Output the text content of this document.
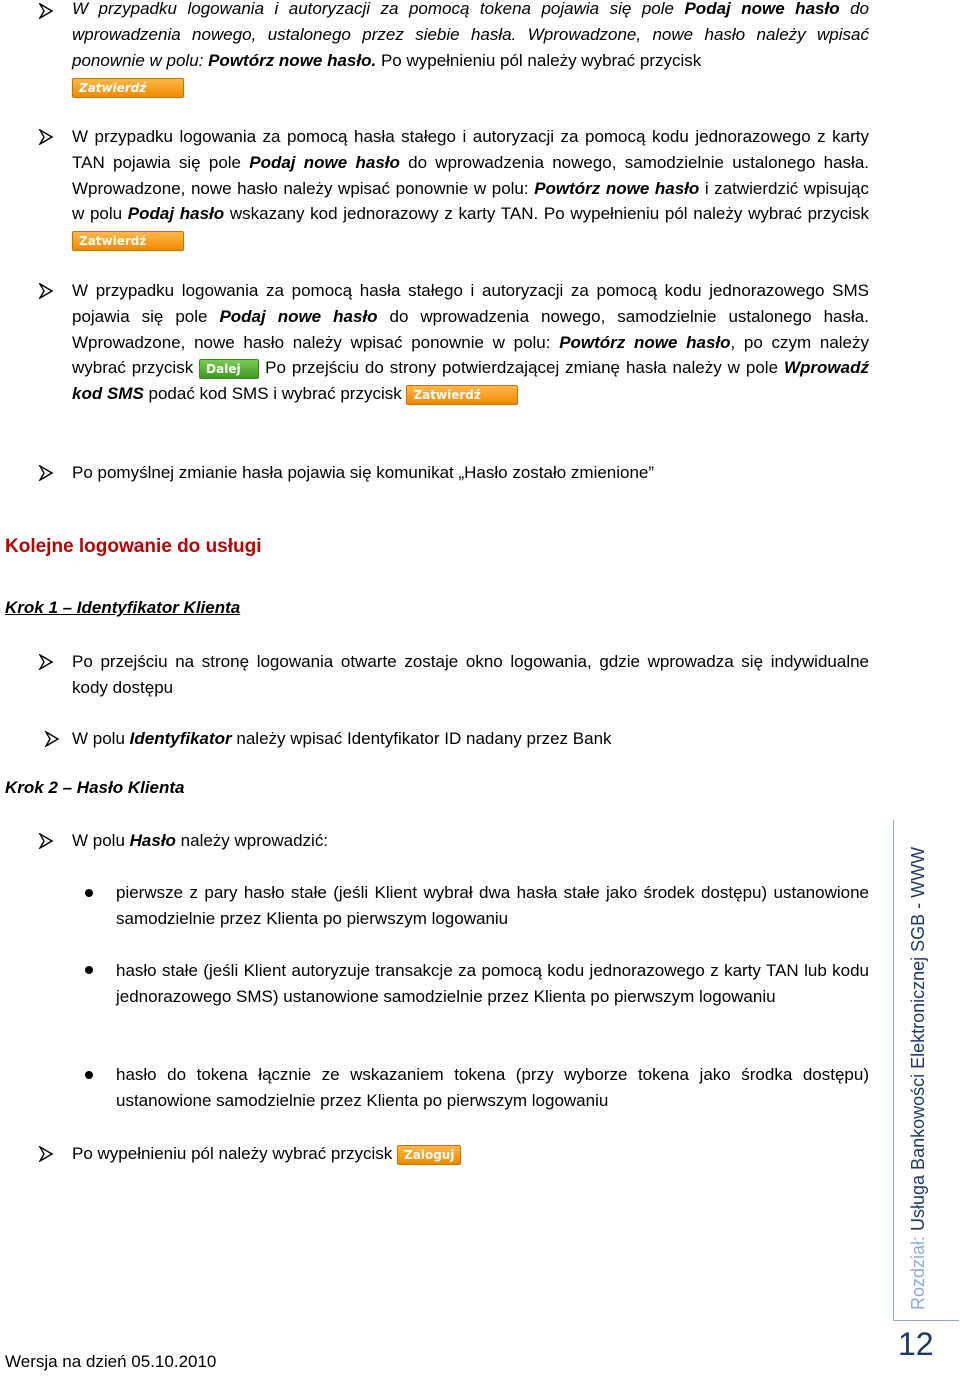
W przypadku logowania i autoryzacji za pomocą tokena pojawia się pole Podaj nowe hasło do wprowadzenia nowego, ustalonego przez siebie hasła. Wprowadzone, nowe hasło należy wpisać ponownie w polu: Powtórz nowe hasło. Po wypełnieniu pól należy wybrać przycisk
Zatwierdź
W przypadku logowania za pomocą hasła stałego i autoryzacji za pomocą kodu jednorazowego z karty TAN pojawia się pole Podaj nowe hasło do wprowadzenia nowego, samodzielnie ustalonego hasła. Wprowadzone, nowe hasło należy wpisać ponownie w polu: Powtórz nowe hasło i zatwierdzić wpisując w polu Podaj hasło wskazany kod jednorazowy z karty TAN. Po wypełnieniu pól należy wybrać przycisk Zatwierdź
W przypadku logowania za pomocą hasła stałego i autoryzacji za pomocą kodu jednorazowego SMS pojawia się pole Podaj nowe hasło do wprowadzenia nowego, samodzielnie ustalonego hasła. Wprowadzone, nowe hasło należy wpisać ponownie w polu: Powtórz nowe hasło, po czym należy wybrać przycisk Dalej Po przejściu do strony potwierdzającej zmianę hasła należy w pole Wprowadź kod SMS podać kod SMS i wybrać przycisk Zatwierdź
Po pomyślnej zmianie hasła pojawia się komunikat „Hasło zostało zmienione”
Kolejne logowanie do usługi
Krok 1 – Identyfikator Klienta
Po przejściu na stronę logowania otwarte zostaje okno logowania, gdzie wprowadza się indywidualne kody dostępu
W polu Identyfikator należy wpisać Identyfikator ID nadany przez Bank
Krok 2 – Hasło Klienta
W polu Hasło należy wprowadzić:
pierwsze z pary hasło stałe (jeśli Klient wybrał dwa hasła stałe jako środek dostępu) ustanowione samodzielnie przez Klienta po pierwszym logowaniu
hasło stałe (jeśli Klient autoryzuje transakcje za pomocą kodu jednorazowego z karty TAN lub kodu jednorazowego SMS) ustanowione samodzielnie przez Klienta po pierwszym logowaniu
hasło do tokena łącznie ze wskazaniem tokena (przy wyborze tokena jako środka dostępu) ustanowione samodzielnie przez Klienta po pierwszym logowaniu
Po wypełnieniu pól należy wybrać przycisk Zaloguj
Rozdział: Usługa Bankowości Elektronicznej SGB - WWW
12
Wersja na dzień 05.10.2010
